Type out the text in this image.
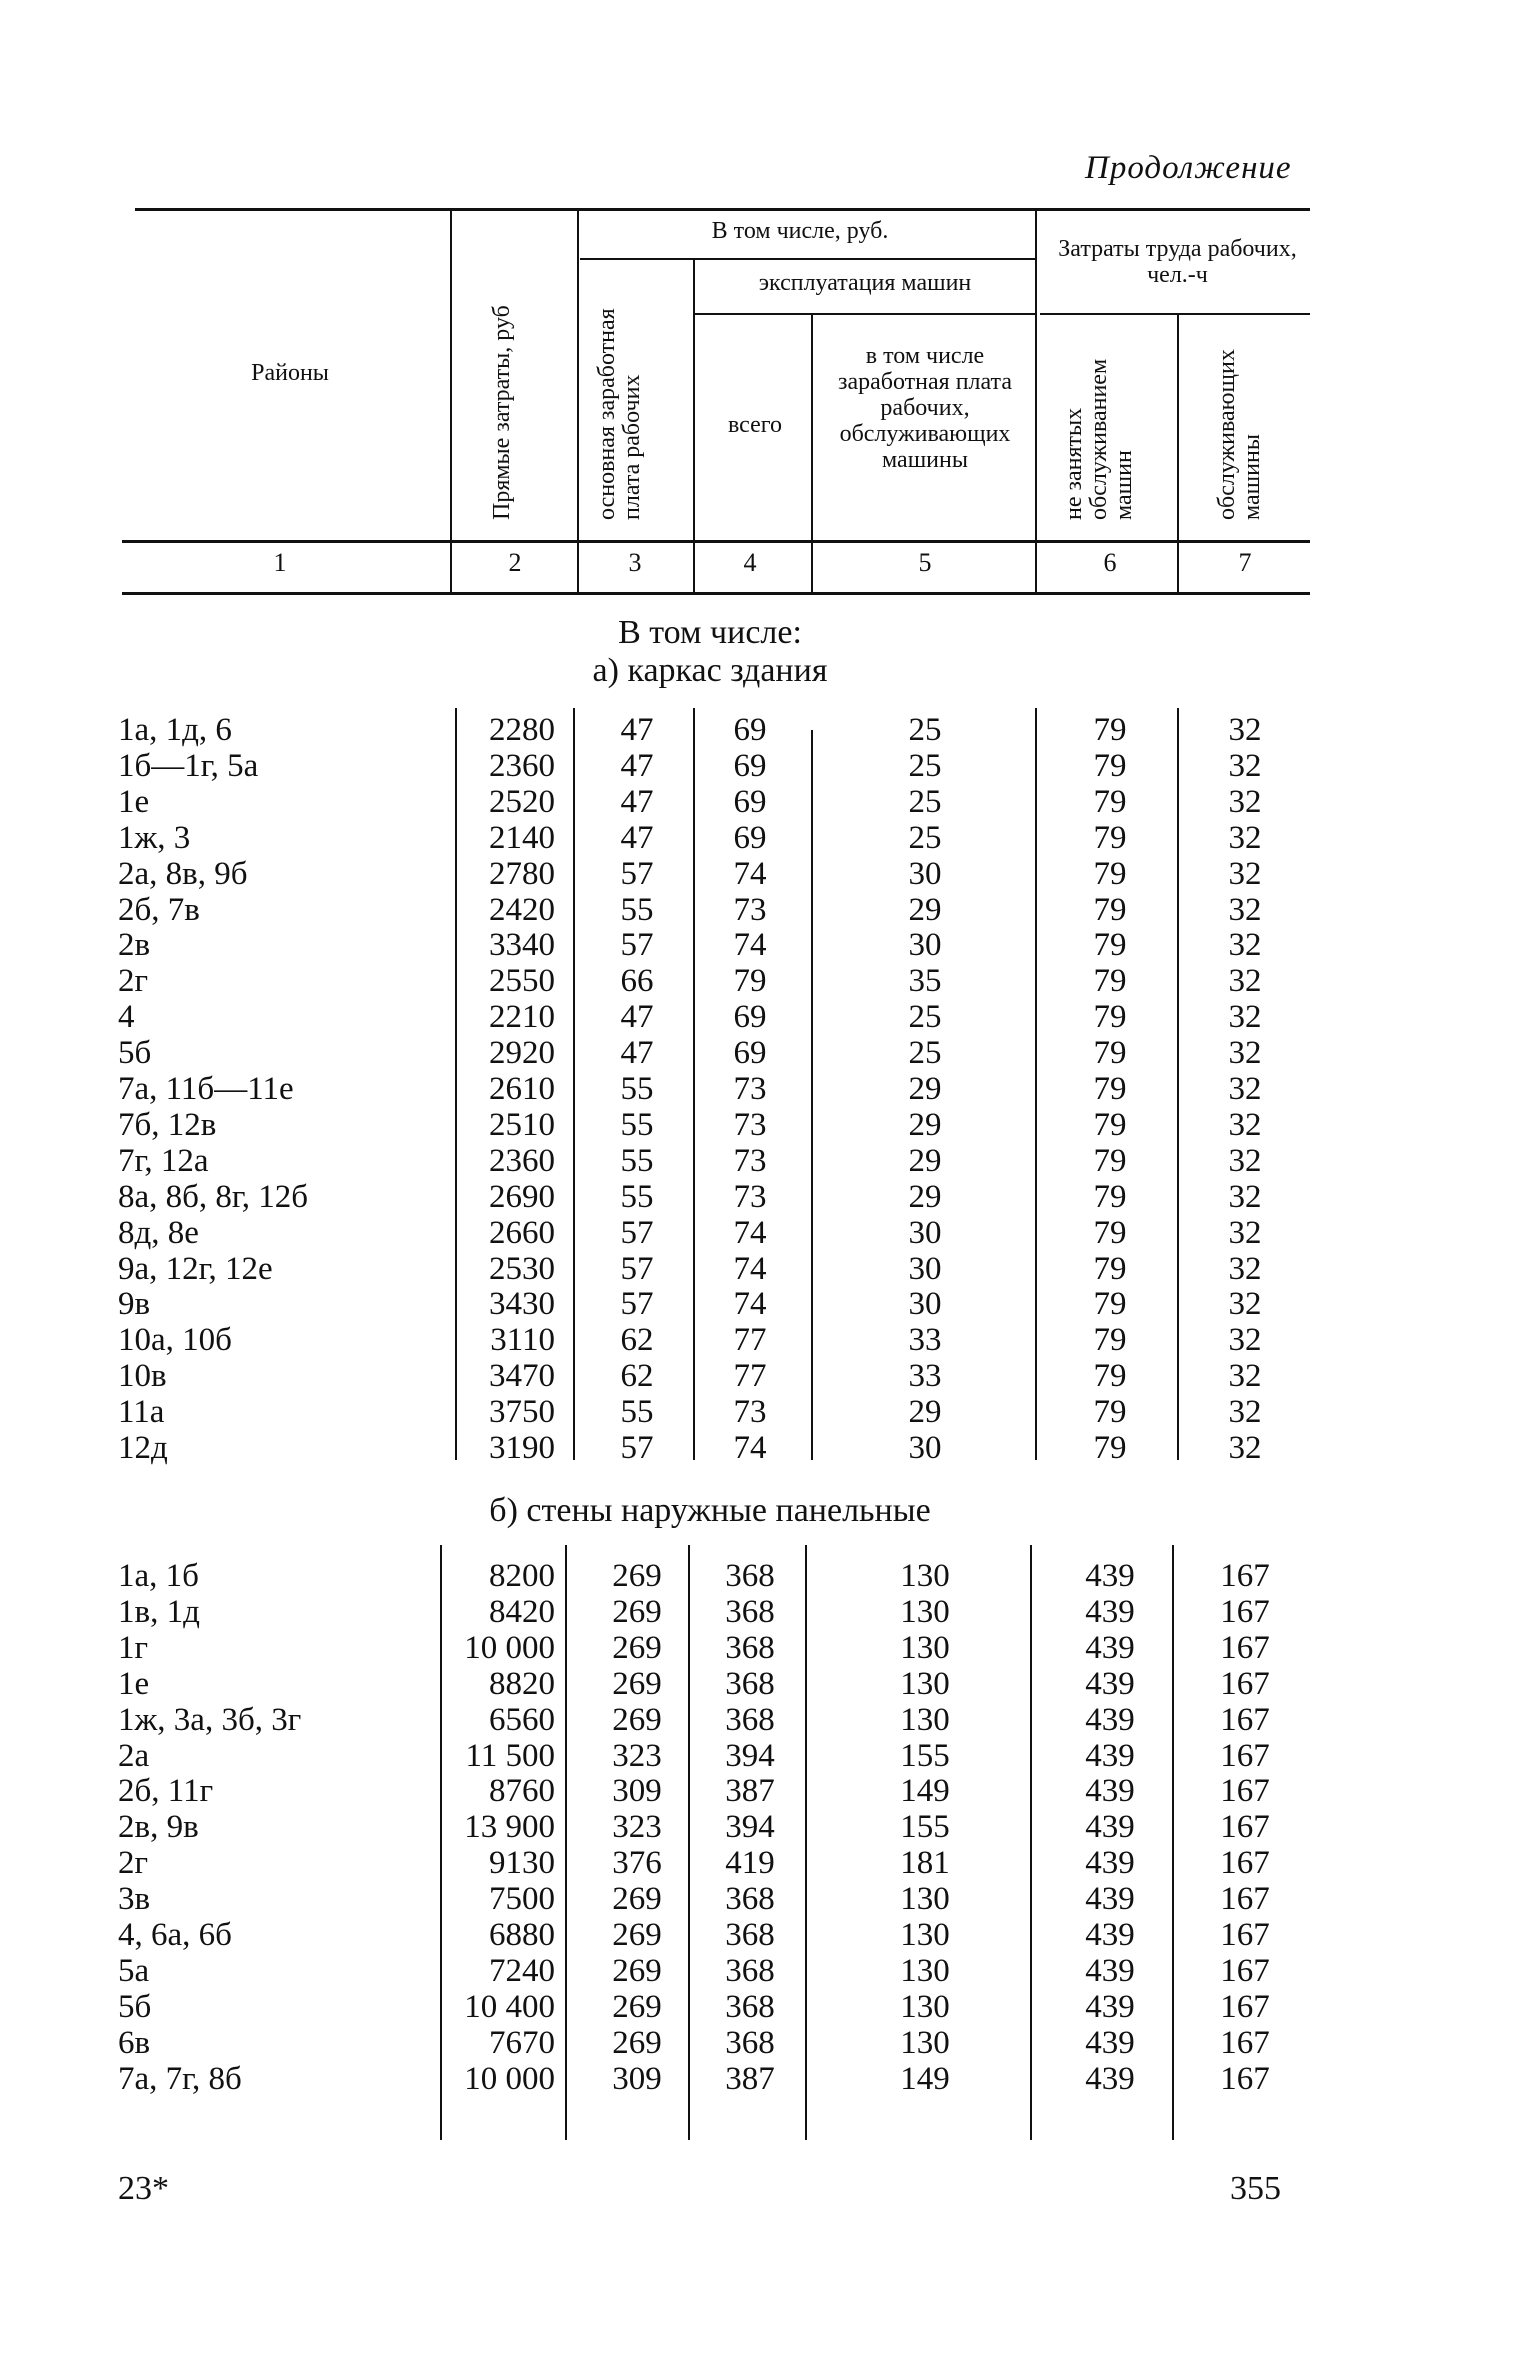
Продолжение
Районы	Прямые затраты, руб
В том числе, руб.
основная заработная плата рабочих
эксплуатация машин
всего
в том числе заработная плата рабочих, обслуживающих машины
Затраты труда рабочих, чел.-ч
не занятых обслуживанием машин	обслуживающих машины
1	2	3	4	5	6	7
В том числе:
а) каркас здания
1а, 1д, 6	2280	47	69	25	79	32
1б—1г, 5а	2360	47	69	25	79	32
1е	2520	47	69	25	79	32
1ж, 3	2140	47	69	25	79	32
2а, 8в, 9б	2780	57	74	30	79	32
2б, 7в	2420	55	73	29	79	32
2в	3340	57	74	30	79	32
2г	2550	66	79	35	79	32
4	2210	47	69	25	79	32
5б	2920	47	69	25	79	32
7а, 11б—11е	2610	55	73	29	79	32
7б, 12в	2510	55	73	29	79	32
7г, 12а	2360	55	73	29	79	32
8а, 8б, 8г, 12б	2690	55	73	29	79	32
8д, 8е	2660	57	74	30	79	32
9а, 12г, 12е	2530	57	74	30	79	32
9в	3430	57	74	30	79	32
10а, 10б	3110	62	77	33	79	32
10в	3470	62	77	33	79	32
11а	3750	55	73	29	79	32
12д	3190	57	74	30	79	32
б) стены наружные панельные
1а, 1б	8200	269	368	130	439	167
1в, 1д	8420	269	368	130	439	167
1г	10 000	269	368	130	439	167
1е	8820	269	368	130	439	167
1ж, 3а, 3б, 3г	6560	269	368	130	439	167
2а	11 500	323	394	155	439	167
2б, 11г	8760	309	387	149	439	167
2в, 9в	13 900	323	394	155	439	167
2г	9130	376	419	181	439	167
3в	7500	269	368	130	439	167
4, 6а, 6б	6880	269	368	130	439	167
5а	7240	269	368	130	439	167
5б	10 400	269	368	130	439	167
6в	7670	269	368	130	439	167
7а, 7г, 8б	10 000	309	387	149	439	167
23*	355
